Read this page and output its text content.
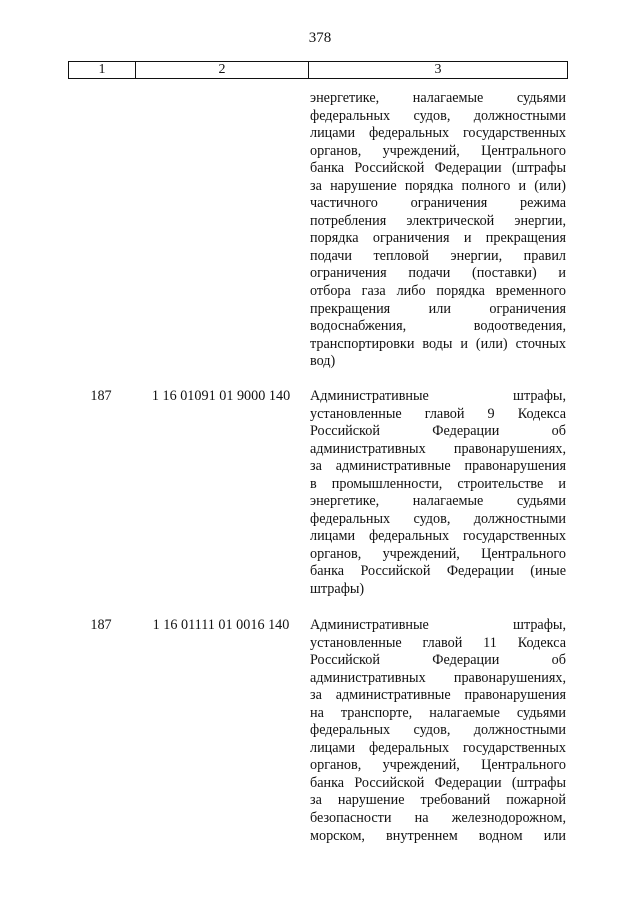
378
1	2	3
энергетике, налагаемые судьями
федеральных судов, должностными
лицами федеральных государственных
органов, учреждений, Центрального
банка Российской Федерации (штрафы
за нарушение порядка полного и (или)
частичного ограничения режима
потребления электрической энергии,
порядка ограничения и прекращения
подачи тепловой энергии, правил
ограничения подачи (поставки) и
отбора газа либо порядка временного
прекращения или ограничения
водоснабжения, водоотведения,
транспортировки воды и (или) сточных
вод)
187	1 16 01091 01 9000 140	Административные штрафы,
установленные главой 9 Кодекса
Российской Федерации об
административных правонарушениях,
за административные правонарушения
в промышленности, строительстве и
энергетике, налагаемые судьями
федеральных судов, должностными
лицами федеральных государственных
органов, учреждений, Центрального
банка Российской Федерации (иные
штрафы)
187	1 16 01111 01 0016 140	Административные штрафы,
установленные главой 11 Кодекса
Российской Федерации об
административных правонарушениях,
за административные правонарушения
на транспорте, налагаемые судьями
федеральных судов, должностными
лицами федеральных государственных
органов, учреждений, Центрального
банка Российской Федерации (штрафы
за нарушение требований пожарной
безопасности на железнодорожном,
морском, внутреннем водном или
